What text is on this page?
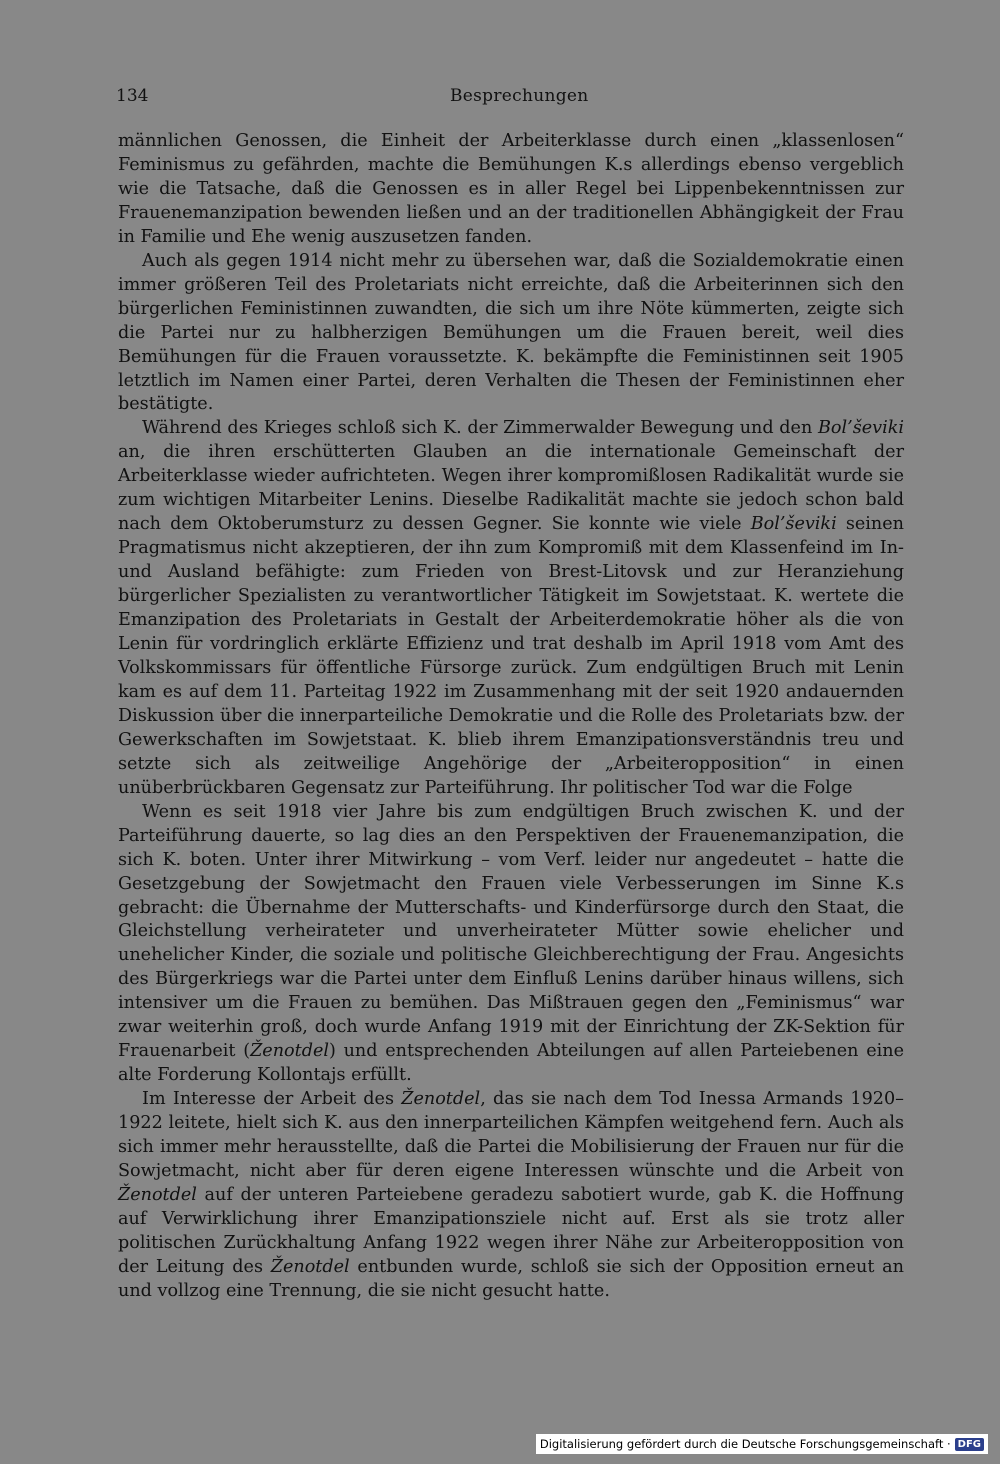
134	Besprechungen

männlichen Genossen, die Einheit der Arbeiterklasse durch einen „klassenlosen“ Feminismus zu gefährden, machte die Bemühungen K.s allerdings ebenso vergeblich wie die Tatsache, daß die Genossen es in aller Regel bei Lippenbekenntnissen zur Frauenemanzipation bewenden ließen und an der traditionellen Abhängigkeit der Frau in Familie und Ehe wenig auszusetzen fanden.

Auch als gegen 1914 nicht mehr zu übersehen war, daß die Sozialdemokratie einen immer größeren Teil des Proletariats nicht erreichte, daß die Arbeiterinnen sich den bürgerlichen Feministinnen zuwandten, die sich um ihre Nöte kümmerten, zeigte sich die Partei nur zu halbherzigen Bemühungen um die Frauen bereit, weil dies Bemühungen für die Frauen voraussetzte. K. bekämpfte die Feministinnen seit 1905 letztlich im Namen einer Partei, deren Verhalten die Thesen der Feministinnen eher bestätigte.

Während des Krieges schloß sich K. der Zimmerwalder Bewegung und den Bol’ševiki an, die ihren erschütterten Glauben an die internationale Gemeinschaft der Arbeiterklasse wieder aufrichteten. Wegen ihrer kompromißlosen Radikalität wurde sie zum wichtigen Mitarbeiter Lenins. Dieselbe Radikalität machte sie jedoch schon bald nach dem Oktoberumsturz zu dessen Gegner. Sie konnte wie viele Bol’ševiki seinen Pragmatismus nicht akzeptieren, der ihn zum Kompromiß mit dem Klassenfeind im In- und Ausland befähigte: zum Frieden von Brest-Litovsk und zur Heranziehung bürgerlicher Spezialisten zu verantwortlicher Tätigkeit im Sowjetstaat. K. wertete die Emanzipation des Proletariats in Gestalt der Arbeiterdemokratie höher als die von Lenin für vordringlich erklärte Effizienz und trat deshalb im April 1918 vom Amt des Volkskommissars für öffentliche Fürsorge zurück. Zum endgültigen Bruch mit Lenin kam es auf dem 11. Parteitag 1922 im Zusammenhang mit der seit 1920 andauernden Diskussion über die innerparteiliche Demokratie und die Rolle des Proletariats bzw. der Gewerkschaften im Sowjetstaat. K. blieb ihrem Emanzipationsverständnis treu und setzte sich als zeitweilige Angehörige der „Arbeiteropposition“ in einen unüberbrückbaren Gegensatz zur Parteiführung. Ihr politischer Tod war die Folge

Wenn es seit 1918 vier Jahre bis zum endgültigen Bruch zwischen K. und der Parteiführung dauerte, so lag dies an den Perspektiven der Frauenemanzipation, die sich K. boten. Unter ihrer Mitwirkung – vom Verf. leider nur angedeutet – hatte die Gesetzgebung der Sowjetmacht den Frauen viele Verbesserungen im Sinne K.s gebracht: die Übernahme der Mutterschafts- und Kinderfürsorge durch den Staat, die Gleichstellung verheirateter und unverheirateter Mütter sowie ehelicher und unehelicher Kinder, die soziale und politische Gleichberechtigung der Frau. Angesichts des Bürgerkriegs war die Partei unter dem Einfluß Lenins darüber hinaus willens, sich intensiver um die Frauen zu bemühen. Das Mißtrauen gegen den „Feminismus“ war zwar weiterhin groß, doch wurde Anfang 1919 mit der Einrichtung der ZK-Sektion für Frauenarbeit (Ženotdel) und entsprechenden Abteilungen auf allen Parteiebenen eine alte Forderung Kollontajs erfüllt.

Im Interesse der Arbeit des Ženotdel, das sie nach dem Tod Inessa Armands 1920–1922 leitete, hielt sich K. aus den innerparteilichen Kämpfen weitgehend fern. Auch als sich immer mehr herausstellte, daß die Partei die Mobilisierung der Frauen nur für die Sowjetmacht, nicht aber für deren eigene Interessen wünschte und die Arbeit von Ženotdel auf der unteren Parteiebene geradezu sabotiert wurde, gab K. die Hoffnung auf Verwirklichung ihrer Emanzipationsziele nicht auf. Erst als sie trotz aller politischen Zurückhaltung Anfang 1922 wegen ihrer Nähe zur Arbeiteropposition von der Leitung des Ženotdel entbunden wurde, schloß sie sich der Opposition erneut an und vollzog eine Trennung, die sie nicht gesucht hatte.

Digitalisierung gefördert durch die Deutsche Forschungsgemeinschaft · DFG
